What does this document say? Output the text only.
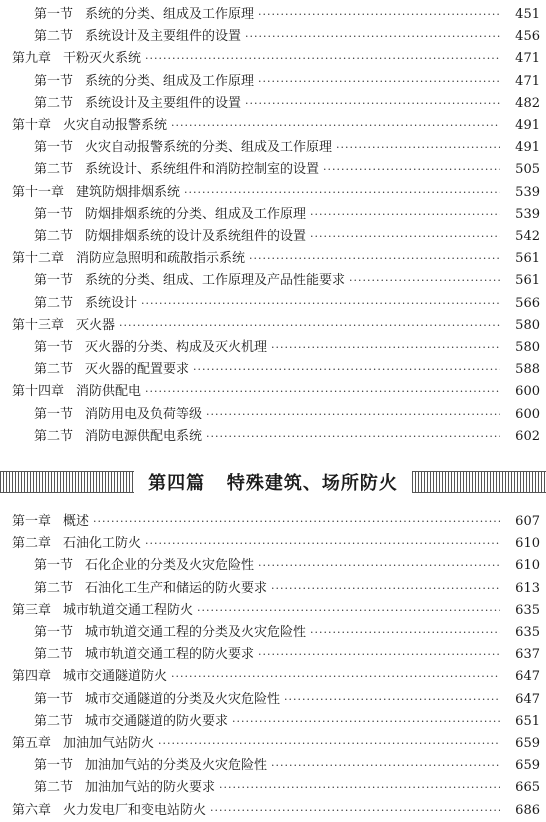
第一节 系统的分类、组成及工作原理 ·····	451
第二节 系统设计及主要组件的设置 ·····	456
第九章 干粉灭火系统 ·····	471
第一节 系统的分类、组成及工作原理 ·····	471
第二节 系统设计及主要组件的设置 ·····	482
第十章 火灾自动报警系统 ·····	491
第一节 火灾自动报警系统的分类、组成及工作原理 ·····	491
第二节 系统设计、系统组件和消防控制室的设置 ·····	505
第十一章 建筑防烟排烟系统 ·····	539
第一节 防烟排烟系统的分类、组成及工作原理 ·····	539
第二节 防烟排烟系统的设计及系统组件的设置 ·····	542
第十二章 消防应急照明和疏散指示系统 ·····	561
第一节 系统的分类、组成、工作原理及产品性能要求 ·····	561
第二节 系统设计 ·····	566
第十三章 灭火器 ·····	580
第一节 灭火器的分类、构成及灭火机理 ·····	580
第二节 灭火器的配置要求 ·····	588
第十四章 消防供配电 ·····	600
第一节 消防用电及负荷等级 ·····	600
第二节 消防电源供配电系统 ·····	602
第四篇   特殊建筑、场所防火
第一章 概述 ·····	607
第二章 石油化工防火 ·····	610
第一节 石化企业的分类及火灾危险性 ·····	610
第二节 石油化工生产和储运的防火要求 ·····	613
第三章 城市轨道交通工程防火 ·····	635
第一节 城市轨道交通工程的分类及火灾危险性 ·····	635
第二节 城市轨道交通工程的防火要求 ·····	637
第四章 城市交通隧道防火 ·····	647
第一节 城市交通隧道的分类及火灾危险性 ·····	647
第二节 城市交通隧道的防火要求 ·····	651
第五章 加油加气站防火 ·····	659
第一节 加油加气站的分类及火灾危险性 ·····	659
第二节 加油加气站的防火要求 ·····	665
第六章 火力发电厂和变电站防火 ·····	686
